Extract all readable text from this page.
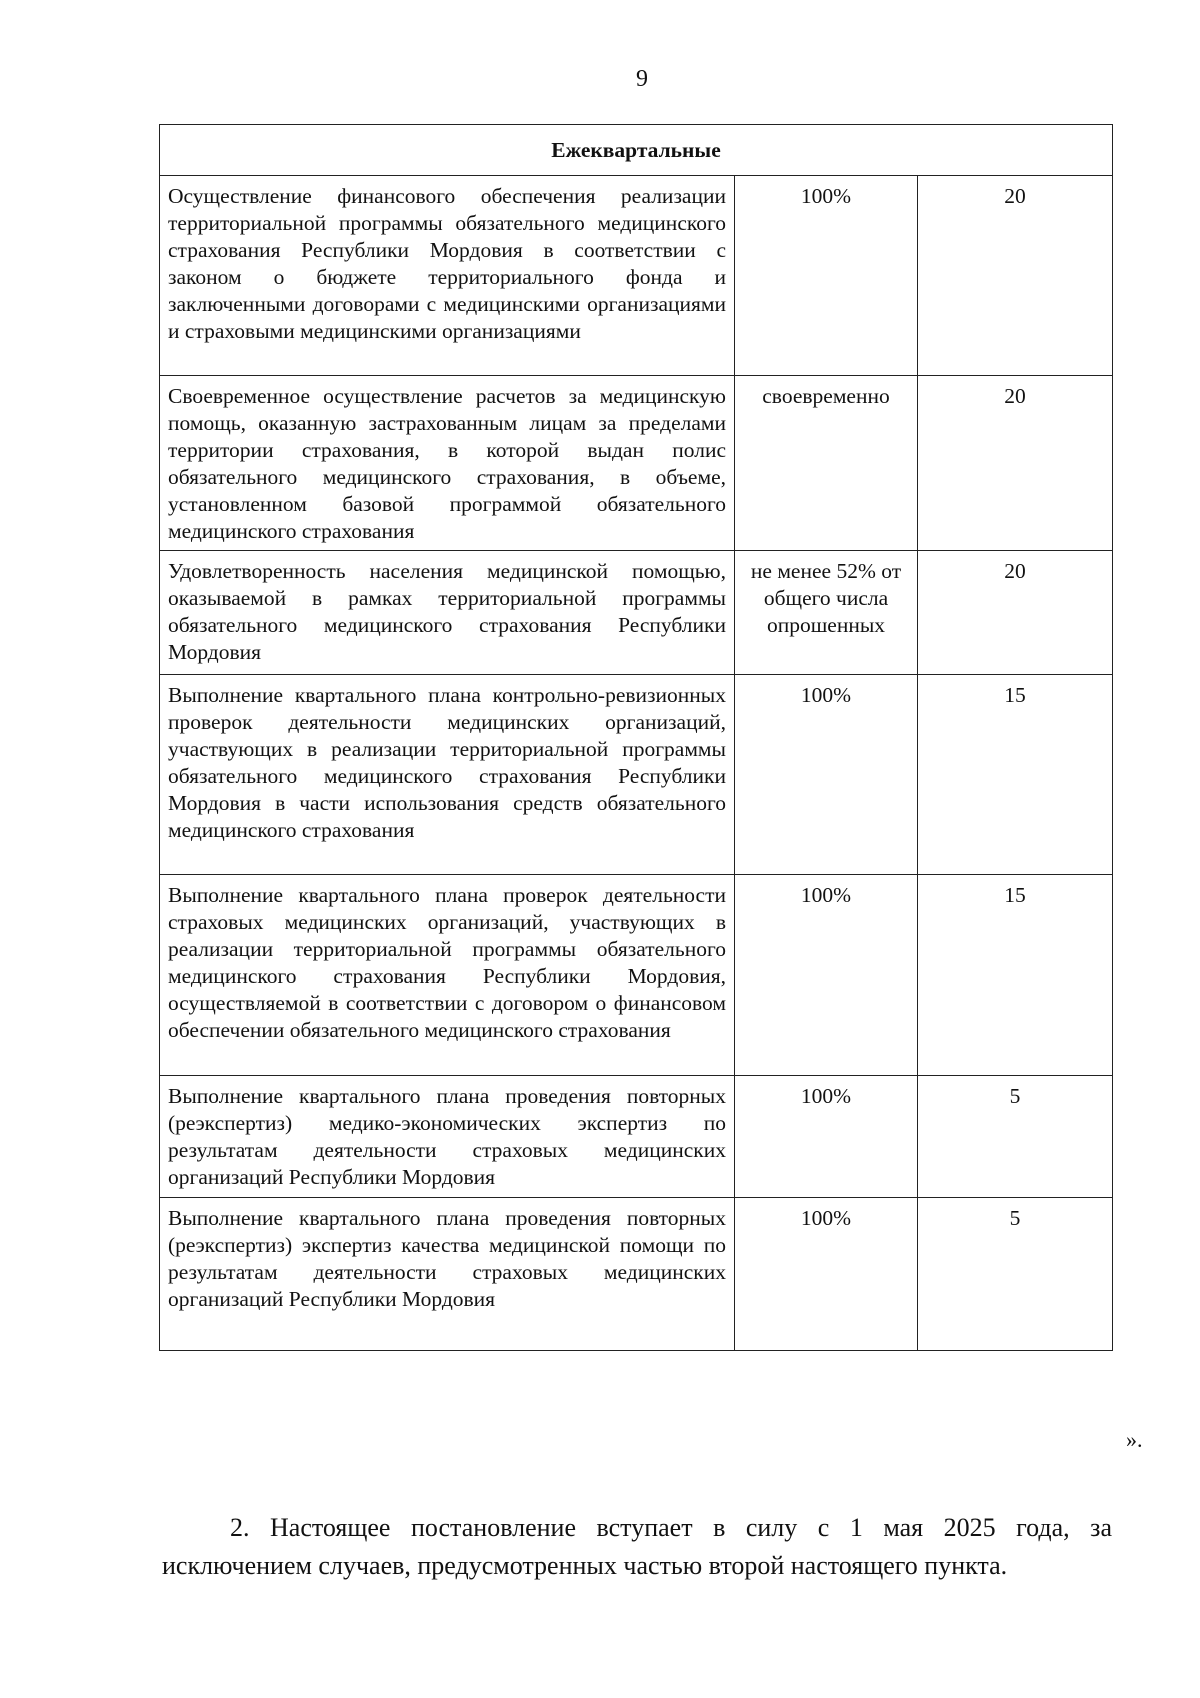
9
Ежеквартальные		
Осуществление финансового обеспечения реализации территориальной программы обязательного медицинского страхования Республики Мордовия в соответствии с законом о бюджете территориального фонда и заключенными договорами с медицинскими организациями и страховыми медицинскими организациями	100%	20
Своевременное осуществление расчетов за медицинскую помощь, оказанную застрахованным лицам за пределами территории страхования, в которой выдан полис обязательного медицинского страхования, в объеме, установленном базовой программой обязательного медицинского страхования	своевременно	20
Удовлетворенность населения медицинской помощью, оказываемой в рамках территориальной программы обязательного медицинского страхования Республики Мордовия	не менее 52% от общего числа опрошенных	20
Выполнение квартального плана контрольно-ревизионных проверок деятельности медицинских организаций, участвующих в реализации территориальной программы обязательного медицинского страхования Республики Мордовия в части использования средств обязательного медицинского страхования	100%	15
Выполнение квартального плана проверок деятельности страховых медицинских организаций, участвующих в реализации территориальной программы обязательного медицинского страхования Республики Мордовия, осуществляемой в соответствии с договором о финансовом обеспечении обязательного медицинского страхования	100%	15
Выполнение квартального плана проведения повторных (реэкспертиз) медико-экономических экспертиз по результатам деятельности страховых медицинских организаций Республики Мордовия	100%	5
Выполнение квартального плана проведения повторных (реэкспертиз) экспертиз качества медицинской помощи по результатам деятельности страховых медицинских организаций Республики Мордовия	100%	5
».

2. Настоящее постановление вступает в силу с 1 мая 2025 года, за исключением случаев, предусмотренных частью второй настоящего пункта.
